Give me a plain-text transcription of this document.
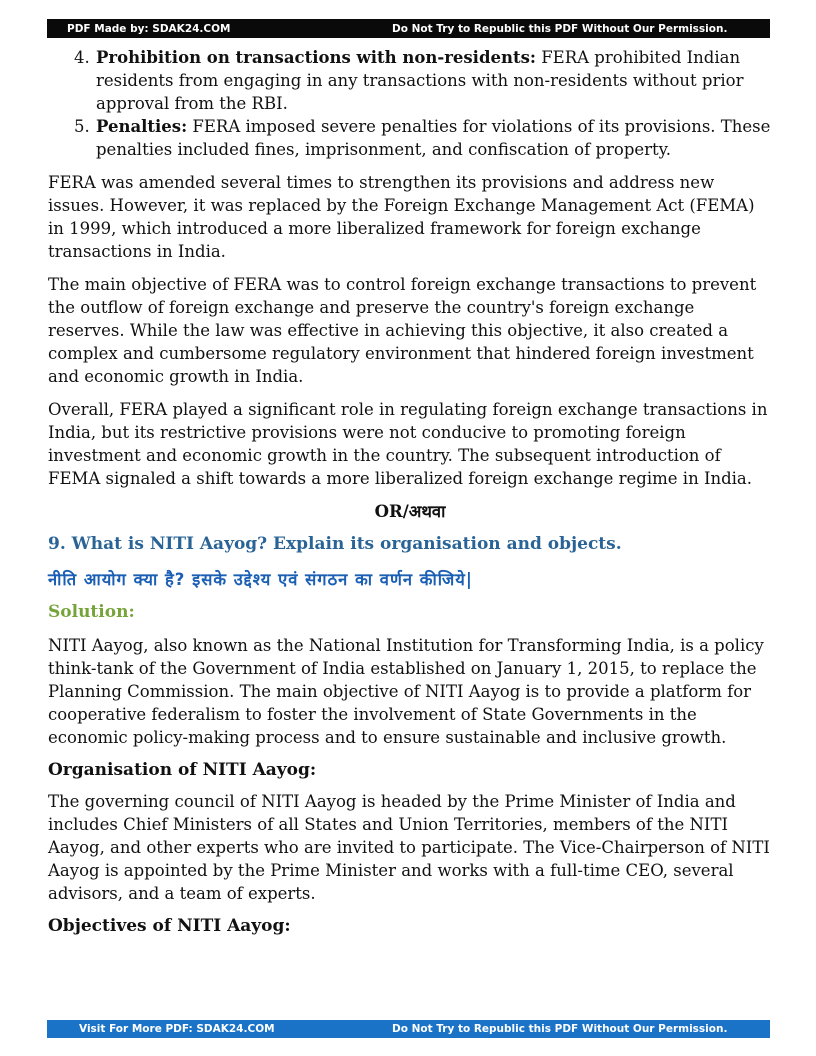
PDF Made by: SDAK24.COM	Do Not Try to Republic this PDF Without Our Permission.
4. Prohibition on transactions with non-residents: FERA prohibited Indian residents from engaging in any transactions with non-residents without prior approval from the RBI.
5. Penalties: FERA imposed severe penalties for violations of its provisions. These penalties included fines, imprisonment, and confiscation of property.

FERA was amended several times to strengthen its provisions and address new issues. However, it was replaced by the Foreign Exchange Management Act (FEMA) in 1999, which introduced a more liberalized framework for foreign exchange transactions in India.

The main objective of FERA was to control foreign exchange transactions to prevent the outflow of foreign exchange and preserve the country's foreign exchange reserves. While the law was effective in achieving this objective, it also created a complex and cumbersome regulatory environment that hindered foreign investment and economic growth in India.

Overall, FERA played a significant role in regulating foreign exchange transactions in India, but its restrictive provisions were not conducive to promoting foreign investment and economic growth in the country. The subsequent introduction of FEMA signaled a shift towards a more liberalized foreign exchange regime in India.

OR/अथवा
9. What is NITI Aayog? Explain its organisation and objects.
नीति आयोग क्या है? इसके उद्देश्य एवं संगठन का वर्णन कीजिये|
Solution:

NITI Aayog, also known as the National Institution for Transforming India, is a policy think-tank of the Government of India established on January 1, 2015, to replace the Planning Commission. The main objective of NITI Aayog is to provide a platform for cooperative federalism to foster the involvement of State Governments in the economic policy-making process and to ensure sustainable and inclusive growth.

Organisation of NITI Aayog:

The governing council of NITI Aayog is headed by the Prime Minister of India and includes Chief Ministers of all States and Union Territories, members of the NITI Aayog, and other experts who are invited to participate. The Vice-Chairperson of NITI Aayog is appointed by the Prime Minister and works with a full-time CEO, several advisors, and a team of experts.

Objectives of NITI Aayog:
Visit For More PDF: SDAK24.COM	Do Not Try to Republic this PDF Without Our Permission.
